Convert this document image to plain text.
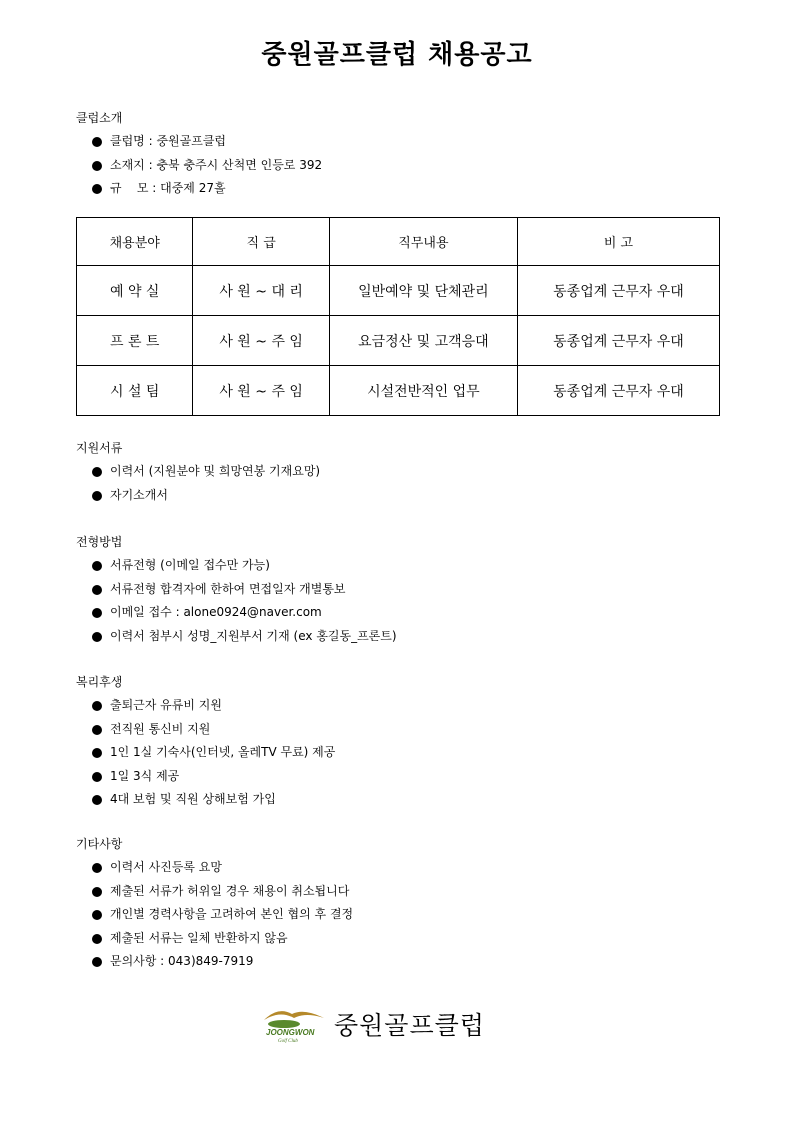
중원골프클럽 채용공고
클럽소개
클럽명 : 중원골프클럽
소재지 : 충북 충주시 산척면 인등로 392
규    모 : 대중제 27홀
채용분야	직 급	직무내용	비 고
예 약 실	사 원 ~ 대 리	일반예약 및 단체관리	동종업계 근무자 우대
프 론 트	사 원 ~ 주 임	요금정산 및 고객응대	동종업계 근무자 우대
시 설 팀	사 원 ~ 주 임	시설전반적인 업무	동종업계 근무자 우대
지원서류
이력서 (지원분야 및 희망연봉 기재요망)
자기소개서
전형방법
서류전형 (이메일 접수만 가능)
서류전형 합격자에 한하여 면접일자 개별통보
이메일 접수 : alone0924@naver.com
이력서 첨부시 성명_지원부서 기재 (ex 홍길동_프론트)
복리후생
출퇴근자 유류비 지원
전직원 통신비 지원
1인 1실 기숙사(인터넷, 올레TV 무료) 제공
1일 3식 제공
4대 보험 및 직원 상해보험 가입
기타사항
이력서 사진등록 요망
제출된 서류가 허위일 경우 채용이 취소됩니다
개인별 경력사항을 고려하여 본인 협의 후 결정
제출된 서류는 일체 반환하지 않음
문의사항 : 043)849-7919
JOONGWON
Golf Club
중원골프클럽
